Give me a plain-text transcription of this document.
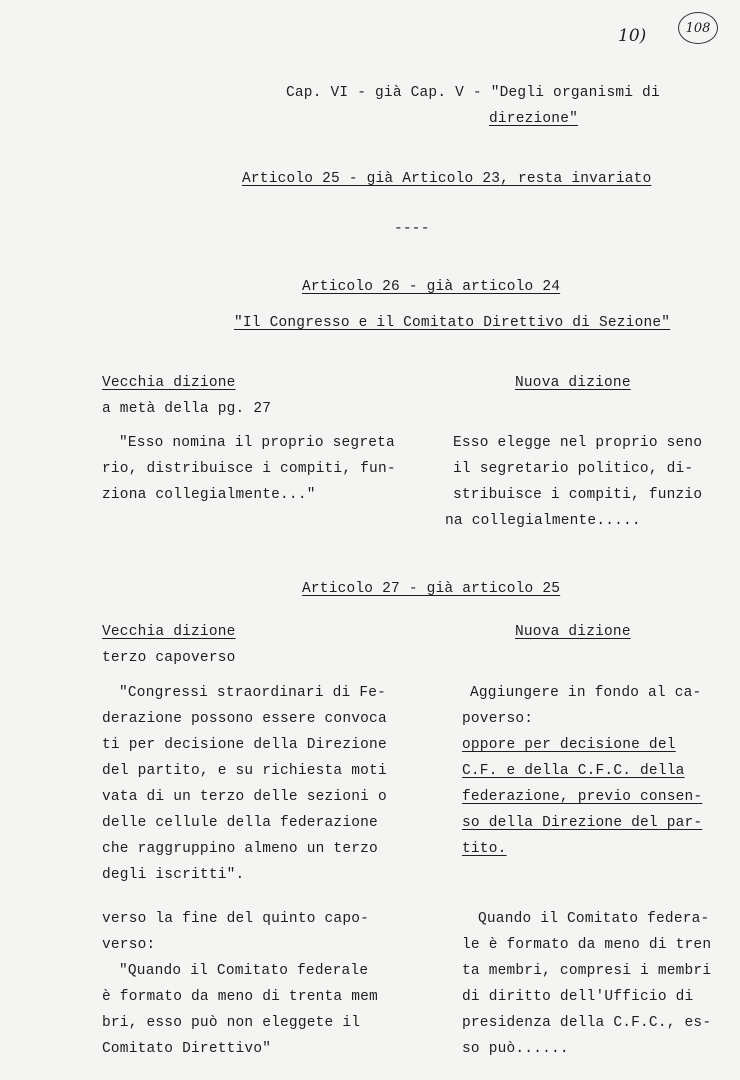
10)	108
Cap. VI - già Cap. V - "Degli organismi di
direzione"
Articolo 25 - già Articolo 23, resta invariato
----
Articolo 26 - già articolo 24
"Il Congresso e il Comitato Direttivo di Sezione"
Vecchia dizione
a metà della pg. 27
"Esso nomina il proprio segreta
rio, distribuisce i compiti, fun-
ziona collegialmente..."
Nuova dizione
Esso elegge nel proprio seno
il segretario politico, di-
stribuisce i compiti, funzio
na collegialmente.....
Articolo 27 - già articolo 25
Vecchia dizione
terzo capoverso
"Congressi straordinari di Fe-
derazione possono essere convoca
ti per decisione della Direzione
del partito, e su richiesta moti
vata di un terzo delle sezioni o
delle cellule della federazione
che raggruppino almeno un terzo
degli iscritti".
verso la fine del quinto capo-
verso:
"Quando il Comitato federale
è formato da meno di trenta mem
bri, esso può non eleggete il
Comitato Direttivo"
Nuova dizione
Aggiungere in fondo al ca-
poverso:
oppore per decisione del
C.F. e della C.F.C. della
federazione, previo consen-
so della Direzione del par-
tito.
Quando il Comitato federa-
le è formato da meno di tren
ta membri, compresi i membri
di diritto dell'Ufficio di
presidenza della C.F.C., es-
so può......
